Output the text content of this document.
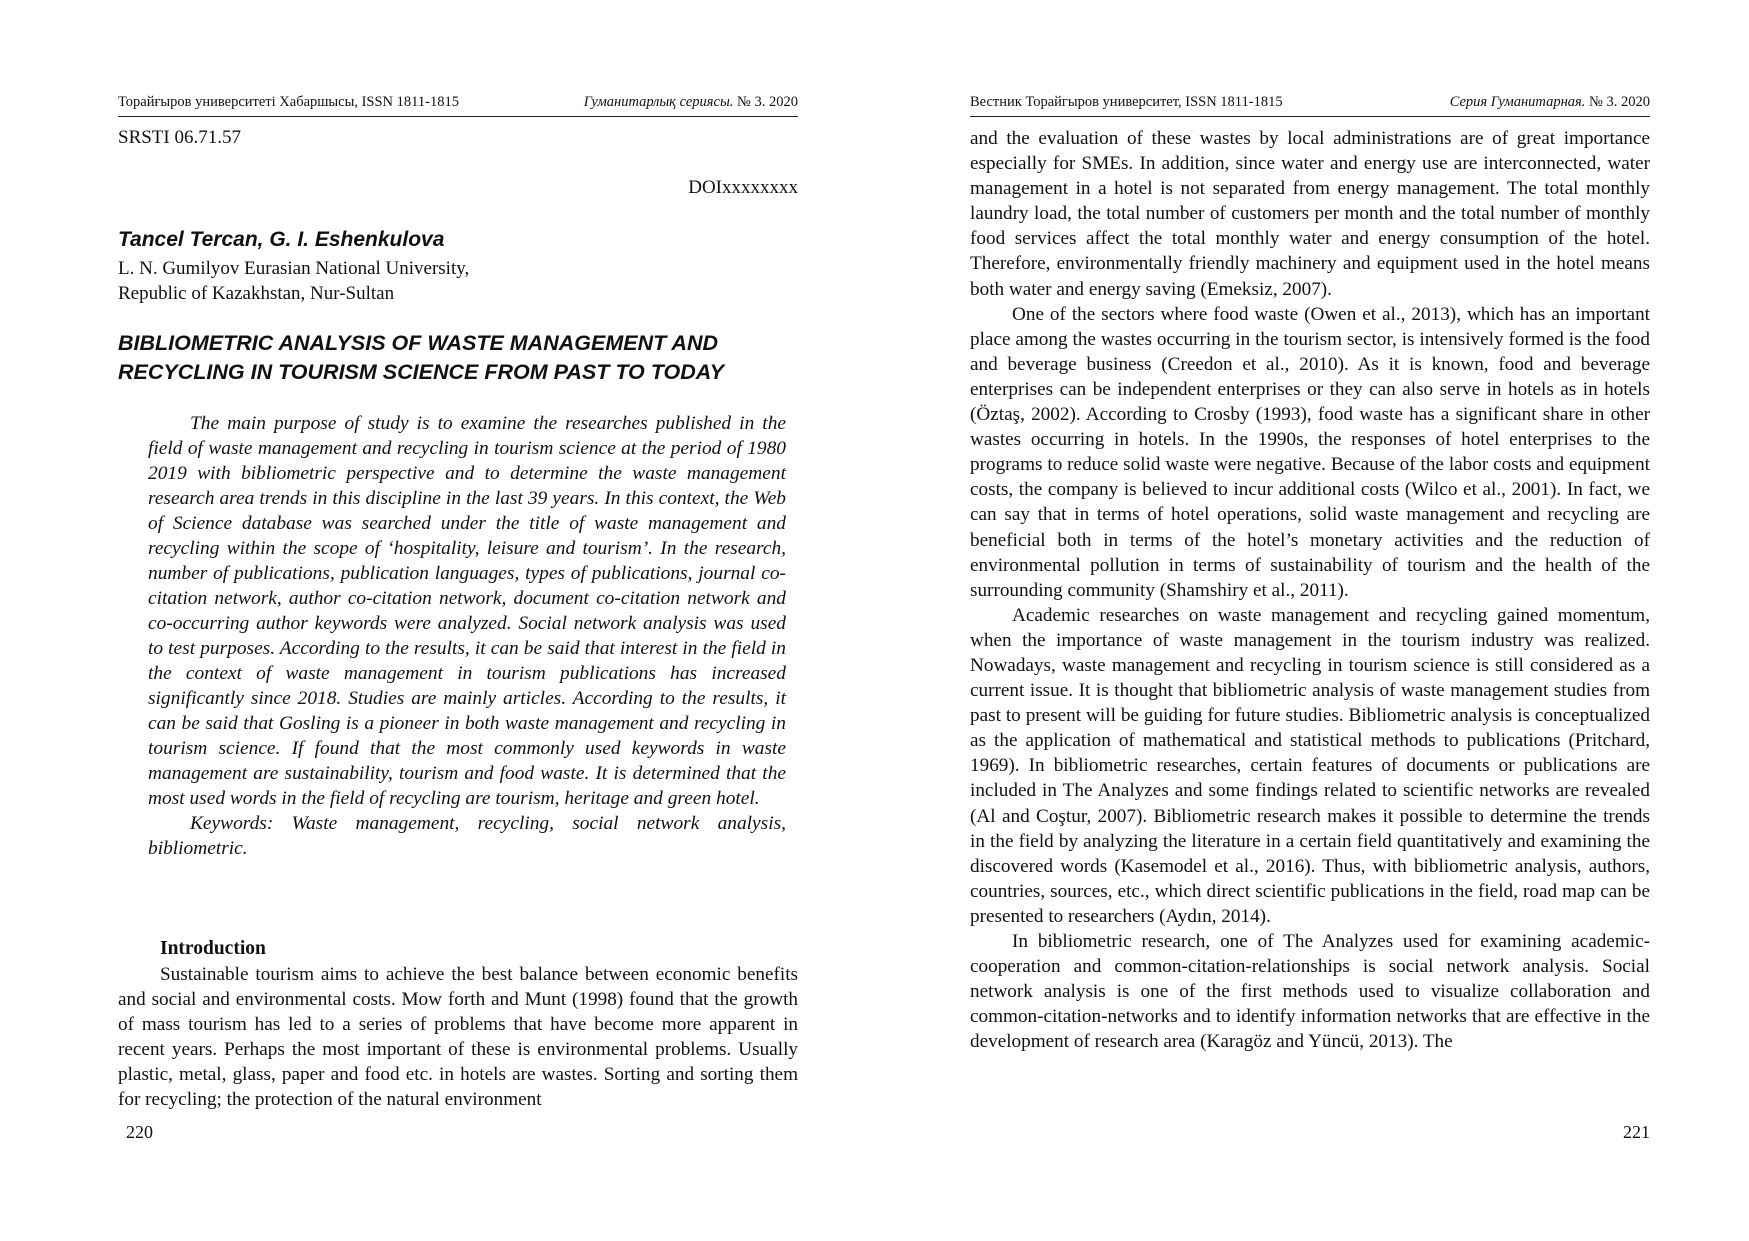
Торайғыров университеті Хабаршысы, ISSN 1811-1815	Гуманитарлық сериясы. № 3. 2020
SRSTI 06.71.57
DOIxxxxxxxx
Tancel Tercan, G. I. Eshenkulova
L. N. Gumilyov Eurasian National University,
Republic of Kazakhstan, Nur-Sultan
BIBLIOMETRIC ANALYSIS OF WASTE MANAGEMENT AND RECYCLING IN TOURISM SCIENCE FROM PAST TO TODAY

The main purpose of study is to examine the researches published in the field of waste management and recycling in tourism science at the period of 1980 2019 with bibliometric perspective and to determine the waste management research area trends in this discipline in the last 39 years. In this context, the Web of Science database was searched under the title of waste management and recycling within the scope of ‘hospitality, leisure and tourism’. In the research, number of publications, publication languages, types of publications, journal co-citation network, author co-citation network, document co-citation network and co-occurring author keywords were analyzed. Social network analysis was used to test purposes. According to the results, it can be said that interest in the field in the context of waste management in tourism publications has increased significantly since 2018. Studies are mainly articles. According to the results, it can be said that Gosling is a pioneer in both waste management and recycling in tourism science. If found that the most commonly used keywords in waste management are sustainability, tourism and food waste. It is determined that the most used words in the field of recycling are tourism, heritage and green hotel.

Keywords: Waste management, recycling, social network analysis, bibliometric.

Introduction

Sustainable tourism aims to achieve the best balance between economic benefits and social and environmental costs. Mow forth and Munt (1998) found that the growth of mass tourism has led to a series of problems that have become more apparent in recent years. Perhaps the most important of these is environmental problems. Usually plastic, metal, glass, paper and food etc. in hotels are wastes. Sorting and sorting them for recycling; the protection of the natural environment

220
Вестник Торайгыров университет, ISSN 1811-1815	Серия Гуманитарная. № 3. 2020

and the evaluation of these wastes by local administrations are of great importance especially for SMEs. In addition, since water and energy use are interconnected, water management in a hotel is not separated from energy management. The total monthly laundry load, the total number of customers per month and the total number of monthly food services affect the total monthly water and energy consumption of the hotel. Therefore, environmentally friendly machinery and equipment used in the hotel means both water and energy saving (Emeksiz, 2007).

One of the sectors where food waste (Owen et al., 2013), which has an important place among the wastes occurring in the tourism sector, is intensively formed is the food and beverage business (Creedon et al., 2010). As it is known, food and beverage enterprises can be independent enterprises or they can also serve in hotels as in hotels (Öztaş, 2002). According to Crosby (1993), food waste has a significant share in other wastes occurring in hotels. In the 1990s, the responses of hotel enterprises to the programs to reduce solid waste were negative. Because of the labor costs and equipment costs, the company is believed to incur additional costs (Wilco et al., 2001). In fact, we can say that in terms of hotel operations, solid waste management and recycling are beneficial both in terms of the hotel’s monetary activities and the reduction of environmental pollution in terms of sustainability of tourism and the health of the surrounding community (Shamshiry et al., 2011).

Academic researches on waste management and recycling gained momentum, when the importance of waste management in the tourism industry was realized. Nowadays, waste management and recycling in tourism science is still considered as a current issue. It is thought that bibliometric analysis of waste management studies from past to present will be guiding for future studies. Bibliometric analysis is conceptualized as the application of mathematical and statistical methods to publications (Pritchard, 1969). In bibliometric researches, certain features of documents or publications are included in The Analyzes and some findings related to scientific networks are revealed (Al and Coştur, 2007). Bibliometric research makes it possible to determine the trends in the field by analyzing the literature in a certain field quantitatively and examining the discovered words (Kasemodel et al., 2016). Thus, with bibliometric analysis, authors, countries, sources, etc., which direct scientific publications in the field, road map can be presented to researchers (Aydın, 2014).

In bibliometric research, one of The Analyzes used for examining academic-cooperation and common-citation-relationships is social network analysis. Social network analysis is one of the first methods used to visualize collaboration and common-citation-networks and to identify information networks that are effective in the development of research area (Karagöz and Yüncü, 2013). The

221
